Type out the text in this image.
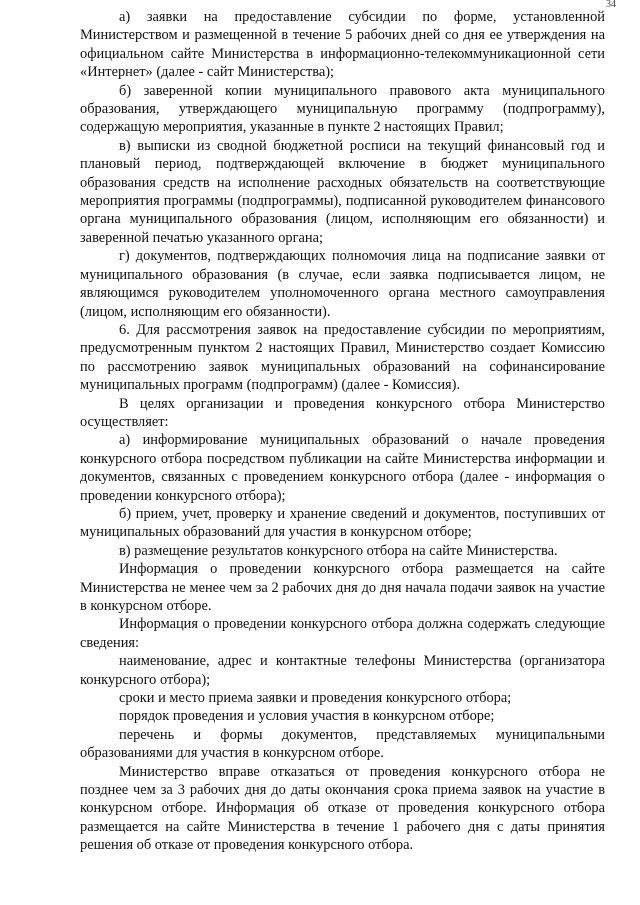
34

а) заявки на предоставление субсидии по форме, установленной Министерством и размещенной в течение 5 рабочих дней со дня ее утверждения на официальном сайте Министерства в информационно-телекоммуникационной сети «Интернет» (далее - сайт Министерства);

б) заверенной копии муниципального правового акта муниципального образования, утверждающего муниципальную программу (подпрограмму), содержащую мероприятия, указанные в пункте 2 настоящих Правил;

в) выписки из сводной бюджетной росписи на текущий финансовый год и плановый период, подтверждающей включение в бюджет муниципального образования средств на исполнение расходных обязательств на соответствующие мероприятия программы (подпрограммы), подписанной руководителем финансового органа муниципального образования (лицом, исполняющим его обязанности) и заверенной печатью указанного органа;

г) документов, подтверждающих полномочия лица на подписание заявки от муниципального образования (в случае, если заявка подписывается лицом, не являющимся руководителем уполномоченного органа местного самоуправления (лицом, исполняющим его обязанности).

6. Для рассмотрения заявок на предоставление субсидии по мероприятиям, предусмотренным пунктом 2 настоящих Правил, Министерство создает Комиссию по рассмотрению заявок муниципальных образований на софинансирование муниципальных программ (подпрограмм) (далее - Комиссия).

В целях организации и проведения конкурсного отбора Министерство осуществляет:

а) информирование муниципальных образований о начале проведения конкурсного отбора посредством публикации на сайте Министерства информации и документов, связанных с проведением конкурсного отбора (далее - информация о проведении конкурсного отбора);

б) прием, учет, проверку и хранение сведений и документов, поступивших от муниципальных образований для участия в конкурсном отборе;

в) размещение результатов конкурсного отбора на сайте Министерства.

Информация о проведении конкурсного отбора размещается на сайте Министерства не менее чем за 2 рабочих дня до дня начала подачи заявок на участие в конкурсном отборе.

Информация о проведении конкурсного отбора должна содержать следующие сведения:

наименование, адрес и контактные телефоны Министерства (организатора конкурсного отбора);

сроки и место приема заявки и проведения конкурсного отбора;

порядок проведения и условия участия в конкурсном отборе;

перечень и формы документов, представляемых муниципальными образованиями для участия в конкурсном отборе.

Министерство вправе отказаться от проведения конкурсного отбора не позднее чем за 3 рабочих дня до даты окончания срока приема заявок на участие в конкурсном отборе. Информация об отказе от проведения конкурсного отбора размещается на сайте Министерства в течение 1 рабочего дня с даты принятия решения об отказе от проведения конкурсного отбора.
